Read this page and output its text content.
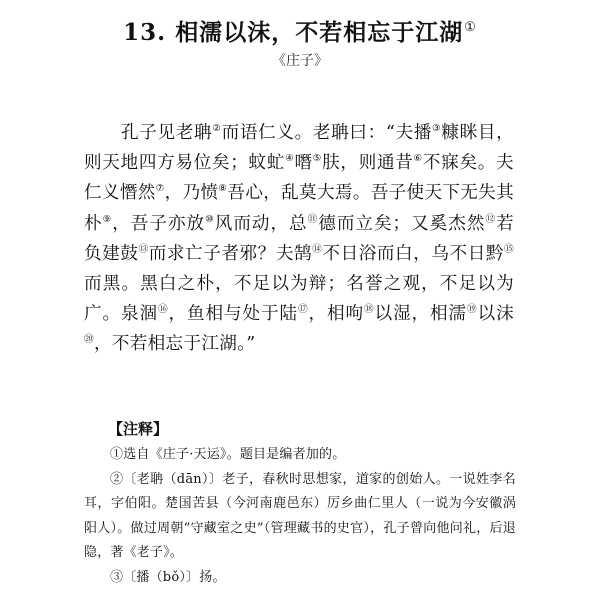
13. 相濡以沫，不若相忘于江湖①
《庄子》

孔子见老聃②而语仁义。老聃曰：“夫播③糠眯目，则天地四方易位矣；蚊虻④噆⑤肤，则通昔⑥不寐矣。夫仁义憯然⑦，乃愤⑧吾心，乱莫大焉。吾子使天下无失其朴⑨，吾子亦放⑩风而动，总⑪德而立矣；又奚杰然⑫若负建鼓⑬而求亡子者邪？夫鹄⑭不日浴而白，乌不日黔⑮而黑。黑白之朴，不足以为辩；名誉之观，不足以为广。泉涸⑯，鱼相与处于陆⑰，相呴⑱以湿，相濡⑲以沫⑳，不若相忘于江湖。”

【注释】

①选自《庄子·天运》。题目是编者加的。

②〔老聃（dān）〕老子，春秋时思想家，道家的创始人。一说姓李名耳，字伯阳。楚国苦县（今河南鹿邑东）厉乡曲仁里人（一说为今安徽涡阳人）。做过周朝“守藏室之史”（管理藏书的史官），孔子曾向他问礼，后退隐，著《老子》。

③〔播（bǒ）〕扬。
